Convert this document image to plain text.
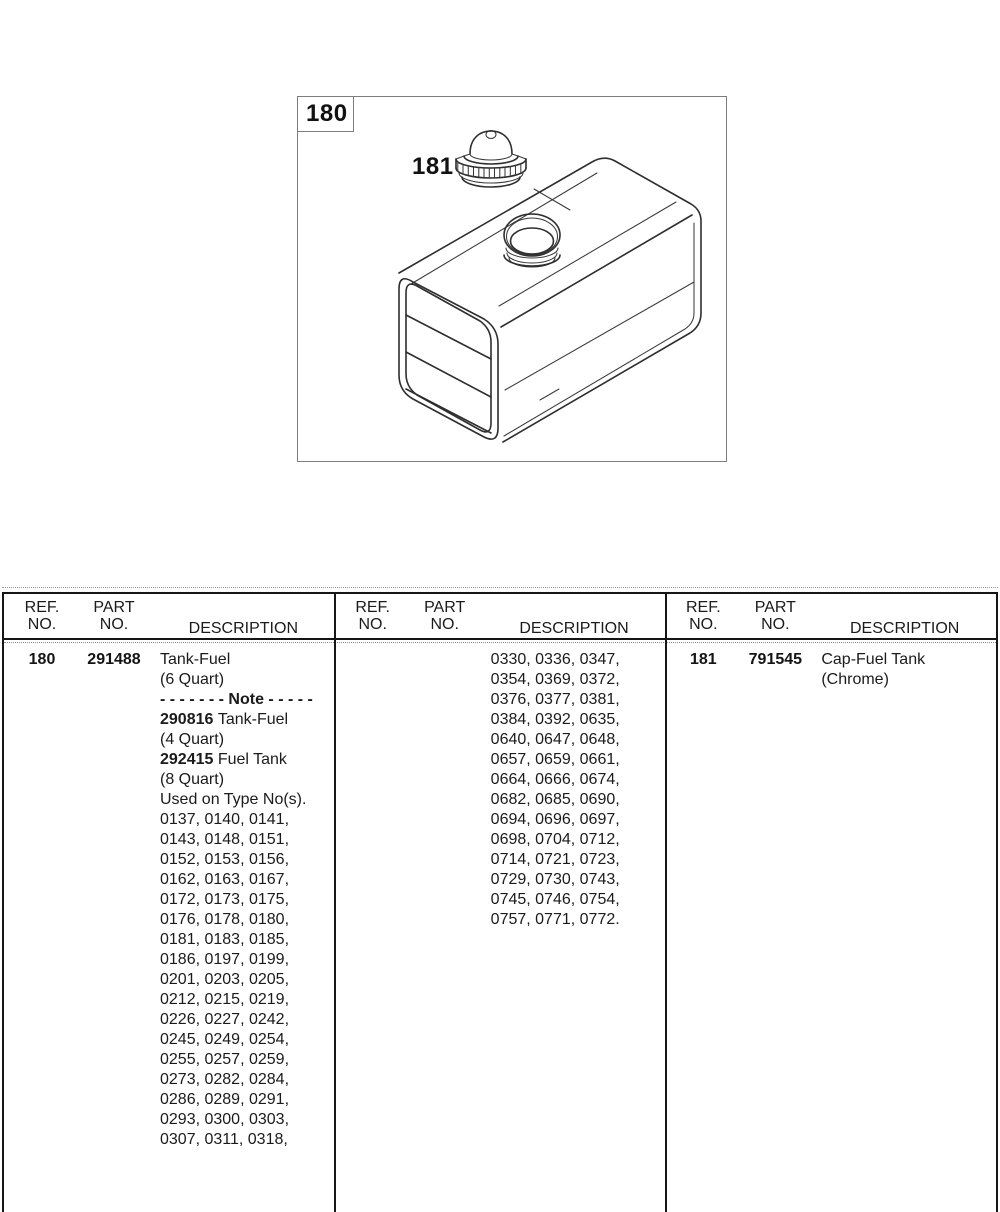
180
181
REF.
NO.
PART
NO.	DESCRIPTION
REF.
NO.
PART
NO.	DESCRIPTION
REF.
NO.
PART
NO.	DESCRIPTION
180	291488	Tank-Fuel
(6 Quart)
- - - - - - - Note - - - - -
290816 Tank-Fuel
(4 Quart)
292415 Fuel Tank
(8 Quart)
Used on Type No(s).
0137, 0140, 0141,
0143, 0148, 0151,
0152, 0153, 0156,
0162, 0163, 0167,
0172, 0173, 0175,
0176, 0178, 0180,
0181, 0183, 0185,
0186, 0197, 0199,
0201, 0203, 0205,
0212, 0215, 0219,
0226, 0227, 0242,
0245, 0249, 0254,
0255, 0257, 0259,
0273, 0282, 0284,
0286, 0289, 0291,
0293, 0300, 0303,
0307, 0311, 0318,
0330, 0336, 0347,
0354, 0369, 0372,
0376, 0377, 0381,
0384, 0392, 0635,
0640, 0647, 0648,
0657, 0659, 0661,
0664, 0666, 0674,
0682, 0685, 0690,
0694, 0696, 0697,
0698, 0704, 0712,
0714, 0721, 0723,
0729, 0730, 0743,
0745, 0746, 0754,
0757, 0771, 0772.
181	791545	Cap-Fuel Tank
(Chrome)
